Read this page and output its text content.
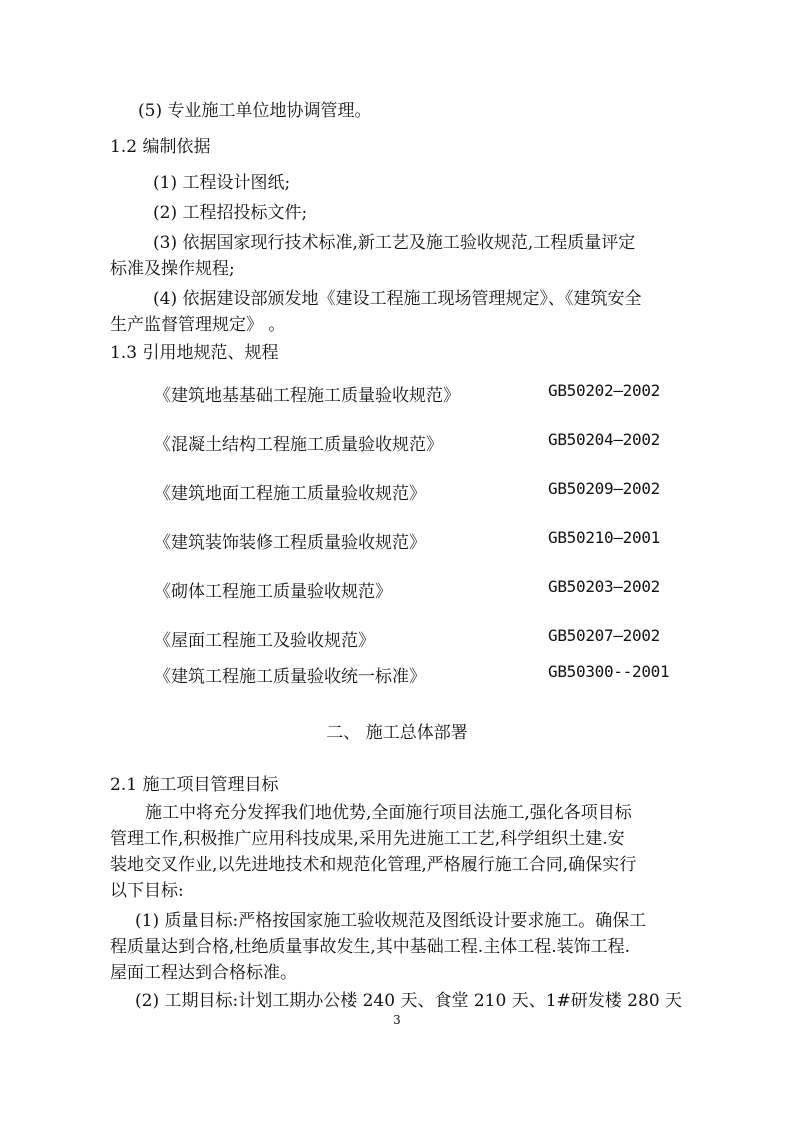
(5) 专业施工单位地协调管理。
1.2 编制依据
(1) 工程设计图纸;
(2) 工程招投标文件;
(3) 依据国家现行技术标准,新工艺及施工验收规范,工程质量评定
标准及操作规程;
(4) 依据建设部颁发地《建设工程施工现场管理规定》、《建筑安全
生产监督管理规定》 。
1.3 引用地规范、规程
《建筑地基基础工程施工质量验收规范》	GB50202—2002
《混凝土结构工程施工质量验收规范》	GB50204—2002
《建筑地面工程施工质量验收规范》	GB50209—2002
《建筑装饰装修工程质量验收规范》	GB50210—2001
《砌体工程施工质量验收规范》	GB50203—2002
《屋面工程施工及验收规范》	GB50207—2002
《建筑工程施工质量验收统一标准》	GB50300--2001
二、 施工总体部署
2.1 施工项目管理目标
施工中将充分发挥我们地优势,全面施行项目法施工,强化各项目标
管理工作,积极推广应用科技成果,采用先进施工工艺,科学组织土建.安
装地交叉作业,以先进地技术和规范化管理,严格履行施工合同,确保实行
以下目标:
(1) 质量目标:严格按国家施工验收规范及图纸设计要求施工。确保工
程质量达到合格,杜绝质量事故发生,其中基础工程.主体工程.装饰工程.
屋面工程达到合格标准。
(2) 工期目标:计划工期办公楼 240 天、食堂 210 天、1#研发楼 280 天
3
